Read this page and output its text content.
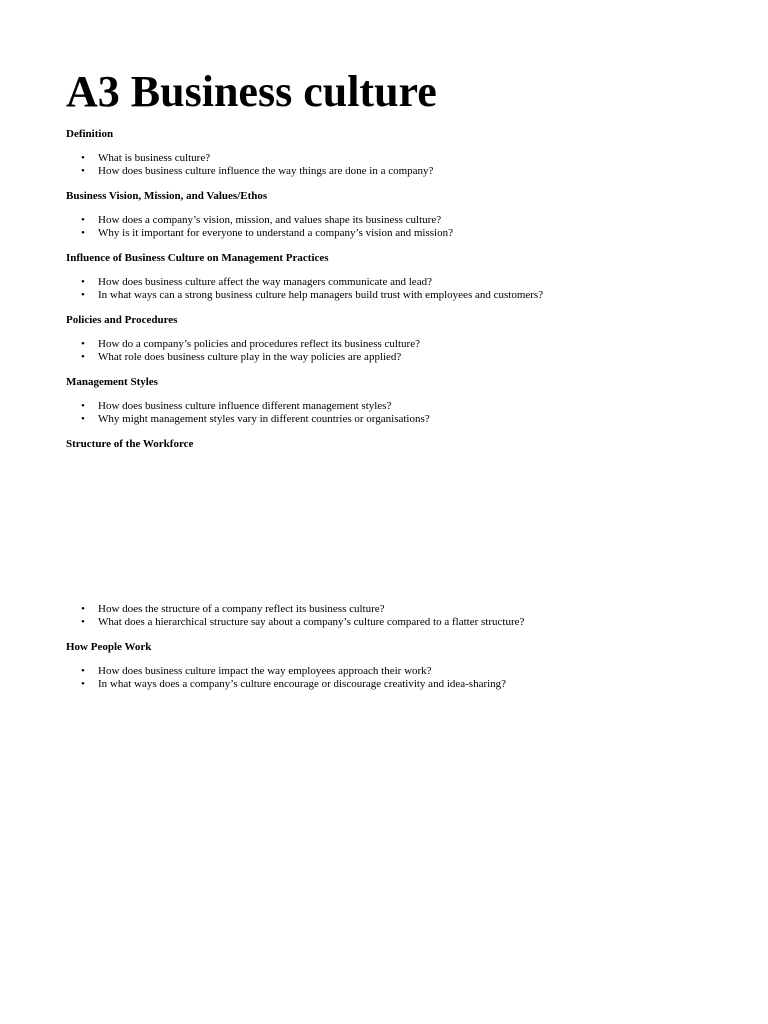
A3 Business culture

Definition

• What is business culture?
• How does business culture influence the way things are done in a company?

Business Vision, Mission, and Values/Ethos

• How does a company’s vision, mission, and values shape its business culture?
• Why is it important for everyone to understand a company’s vision and mission?

Influence of Business Culture on Management Practices

• How does business culture affect the way managers communicate and lead?
• In what ways can a strong business culture help managers build trust with employees and customers?

Policies and Procedures

• How do a company’s policies and procedures reflect its business culture?
• What role does business culture play in the way policies are applied?

Management Styles

• How does business culture influence different management styles?
• Why might management styles vary in different countries or organisations?

Structure of the Workforce

• How does the structure of a company reflect its business culture?
• What does a hierarchical structure say about a company’s culture compared to a flatter structure?

How People Work

• How does business culture impact the way employees approach their work?
• In what ways does a company’s culture encourage or discourage creativity and idea-sharing?
